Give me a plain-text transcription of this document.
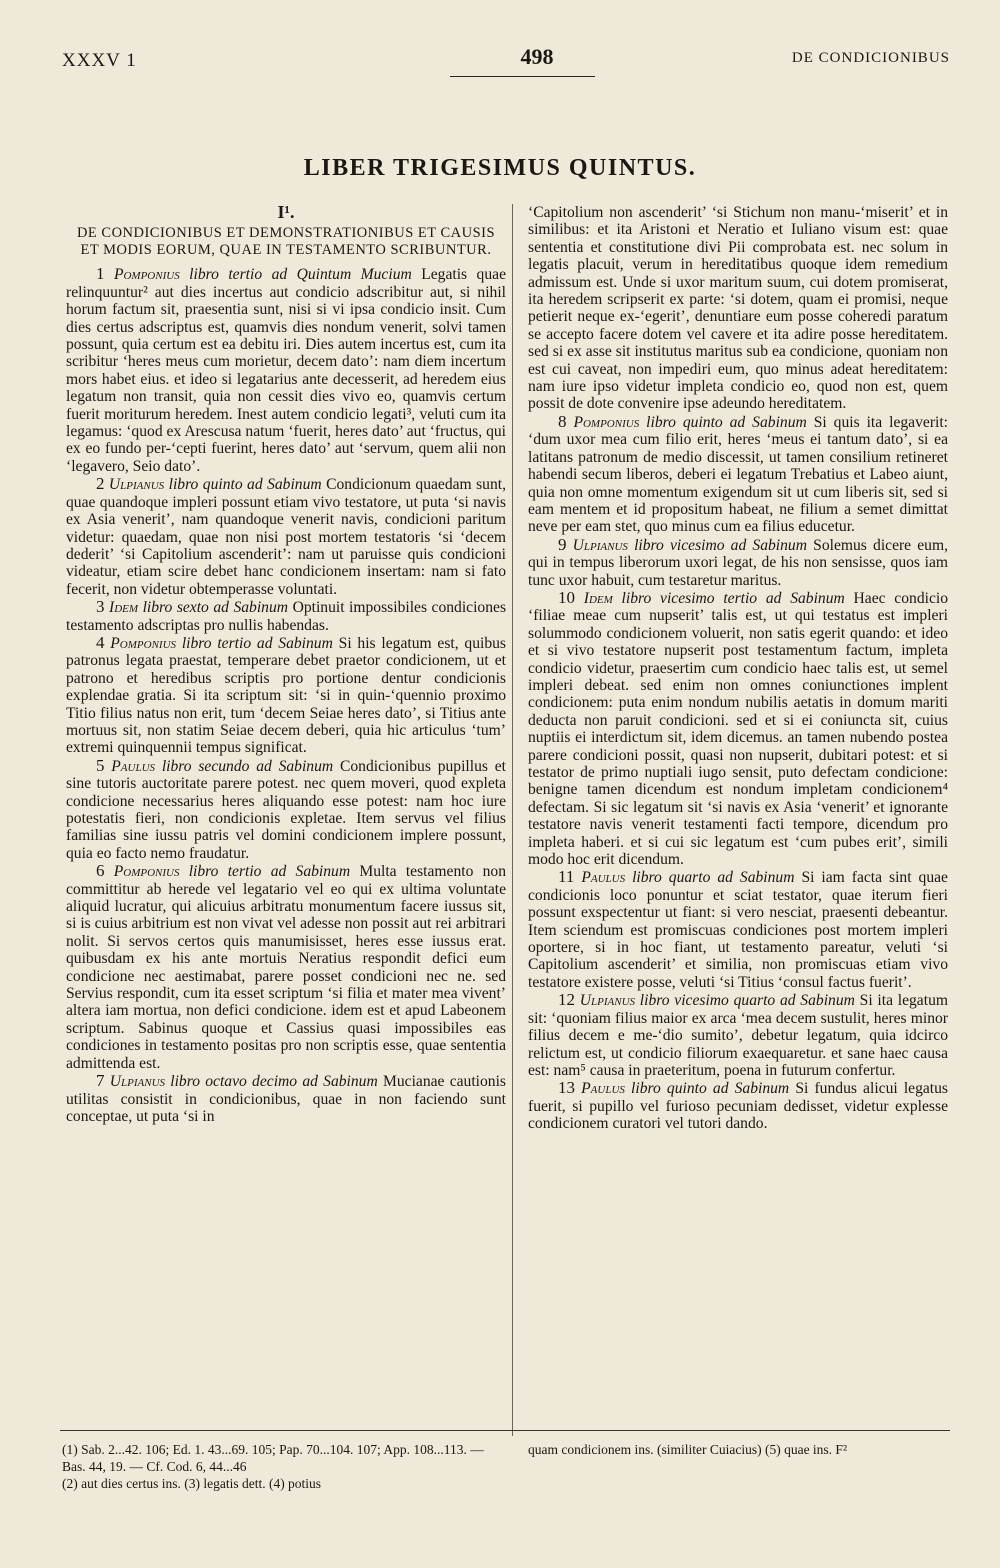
XXXV 1	498	DE CONDICIONIBUS
LIBER TRIGESIMUS QUINTUS.
I¹.
DE CONDICIONIBUS ET DEMONSTRATIONIBUS ET CAUSIS ET MODIS EORUM, QUAE IN TESTAMENTO SCRIBUNTUR.

1 Pomponius libro tertio ad Quintum Mucium Legatis quae relinquuntur² aut dies incertus aut condicio adscribitur aut, si nihil horum factum sit, praesentia sunt, nisi si vi ipsa condicio insit. Cum dies certus adscriptus est, quamvis dies nondum venerit, solvi tamen possunt, quia certum est ea debitu iri. Dies autem incertus est, cum ita scribitur ‘heres meus cum morietur, decem dato’: nam diem incertum mors habet eius. et ideo si legatarius ante decesserit, ad heredem eius legatum non transit, quia non cessit dies vivo eo, quamvis certum fuerit moriturum heredem. Inest autem condicio legati³, veluti cum ita legamus: ‘quod ex Arescusa natum ‘fuerit, heres dato’ aut ‘fructus, qui ex eo fundo per-‘cepti fuerint, heres dato’ aut ‘servum, quem alii non ‘legavero, Seio dato’.

2 Ulpianus libro quinto ad Sabinum Condicionum quaedam sunt, quae quandoque impleri possunt etiam vivo testatore, ut puta ‘si navis ex Asia venerit’, nam quandoque venerit navis, condicioni paritum videtur: quaedam, quae non nisi post mortem testatoris ‘si ‘decem dederit’ ‘si Capitolium ascenderit’: nam ut paruisse quis condicioni videatur, etiam scire debet hanc condicionem insertam: nam si fato fecerit, non videtur obtemperasse voluntati.

3 Idem libro sexto ad Sabinum Optinuit impossibiles condiciones testamento adscriptas pro nullis habendas.

4 Pomponius libro tertio ad Sabinum Si his legatum est, quibus patronus legata praestat, temperare debet praetor condicionem, ut et patrono et heredibus scriptis pro portione dentur condicionis explendae gratia. Si ita scriptum sit: ‘si in quin-‘quennio proximo Titio filius natus non erit, tum ‘decem Seiae heres dato’, si Titius ante mortuus sit, non statim Seiae decem deberi, quia hic articulus ‘tum’ extremi quinquennii tempus significat.

5 Paulus libro secundo ad Sabinum Condicionibus pupillus et sine tutoris auctoritate parere potest. nec quem moveri, quod expleta condicione necessarius heres aliquando esse potest: nam hoc iure potestatis fieri, non condicionis expletae. Item servus vel filius familias sine iussu patris vel domini condicionem implere possunt, quia eo facto nemo fraudatur.

6 Pomponius libro tertio ad Sabinum Multa testamento non committitur ab herede vel legatario vel eo qui ex ultima voluntate aliquid lucratur, qui alicuius arbitratu monumentum facere iussus sit, si is cuius arbitrium est non vivat vel adesse non possit aut rei arbitrari nolit. Si servos certos quis manumisisset, heres esse iussus erat. quibusdam ex his ante mortuis Neratius respondit defici eum condicione nec aestimabat, parere posset condicioni nec ne. sed Servius respondit, cum ita esset scriptum ‘si filia et mater mea vivent’ altera iam mortua, non defici condicione. idem est et apud Labeonem scriptum. Sabinus quoque et Cassius quasi impossibiles eas condiciones in testamento positas pro non scriptis esse, quae sententia admittenda est.

7 Ulpianus libro octavo decimo ad Sabinum Mucianae cautionis utilitas consistit in condicionibus, quae in non faciendo sunt conceptae, ut puta ‘si in

‘Capitolium non ascenderit’ ‘si Stichum non manu-‘miserit’ et in similibus: et ita Aristoni et Neratio et Iuliano visum est: quae sententia et constitutione divi Pii comprobata est. nec solum in legatis placuit, verum in hereditatibus quoque idem remedium admissum est. Unde si uxor maritum suum, cui dotem promiserat, ita heredem scripserit ex parte: ‘si dotem, quam ei promisi, neque petierit neque ex-‘egerit’, denuntiare eum posse coheredi paratum se accepto facere dotem vel cavere et ita adire posse hereditatem. sed si ex asse sit institutus maritus sub ea condicione, quoniam non est cui caveat, non impediri eum, quo minus adeat hereditatem: nam iure ipso videtur impleta condicio eo, quod non est, quem possit de dote convenire ipse adeundo hereditatem.

8 Pomponius libro quinto ad Sabinum Si quis ita legaverit: ‘dum uxor mea cum filio erit, heres ‘meus ei tantum dato’, si ea latitans patronum de medio discessit, ut tamen consilium retineret habendi secum liberos, deberi ei legatum Trebatius et Labeo aiunt, quia non omne momentum exigendum sit ut cum liberis sit, sed si eam mentem et id propositum habeat, ne filium a semet dimittat neve per eam stet, quo minus cum ea filius educetur.

9 Ulpianus libro vicesimo ad Sabinum Solemus dicere eum, qui in tempus liberorum uxori legat, de his non sensisse, quos iam tunc uxor habuit, cum testaretur maritus.

10 Idem libro vicesimo tertio ad Sabinum Haec condicio ‘filiae meae cum nupserit’ talis est, ut qui testatus est impleri solummodo condicionem voluerit, non satis egerit quando: et ideo et si vivo testatore nupserit post testamentum factum, impleta condicio videtur, praesertim cum condicio haec talis est, ut semel impleri debeat. sed enim non omnes coniunctiones implent condicionem: puta enim nondum nubilis aetatis in domum mariti deducta non paruit condicioni. sed et si ei coniuncta sit, cuius nuptiis ei interdictum sit, idem dicemus. an tamen nubendo postea parere condicioni possit, quasi non nupserit, dubitari potest: et si testator de primo nuptiali iugo sensit, puto defectam condicione: benigne tamen dicendum est nondum impletam condicionem⁴ defectam. Si sic legatum sit ‘si navis ex Asia ‘venerit’ et ignorante testatore navis venerit testamenti facti tempore, dicendum pro impleta haberi. et si cui sic legatum est ‘cum pubes erit’, simili modo hoc erit dicendum.

11 Paulus libro quarto ad Sabinum Si iam facta sint quae condicionis loco ponuntur et sciat testator, quae iterum fieri possunt exspectentur ut fiant: si vero nesciat, praesenti debeantur. Item sciendum est promiscuas condiciones post mortem impleri oportere, si in hoc fiant, ut testamento pareatur, veluti ‘si Capitolium ascenderit’ et similia, non promiscuas etiam vivo testatore existere posse, veluti ‘si Titius ‘consul factus fuerit’.

12 Ulpianus libro vicesimo quarto ad Sabinum Si ita legatum sit: ‘quoniam filius maior ex arca ‘mea decem sustulit, heres minor filius decem e me-‘dio sumito’, debetur legatum, quia idcirco relictum est, ut condicio filiorum exaequaretur. et sane haec causa est: nam⁵ causa in praeteritum, poena in futurum confertur.

13 Paulus libro quinto ad Sabinum Si fundus alicui legatus fuerit, si pupillo vel furioso pecuniam dedisset, videtur explesse condicionem curatori vel tutori dando.

(1) Sab. 2...42. 106; Ed. 1. 43...69. 105; Pap. 70...104. 107; App. 108...113. — Bas. 44, 19. — Cf. Cod. 6, 44...46
(2) aut dies certus ins. (3) legatis dett. (4) potius
quam condicionem ins. (similiter Cuiacius) (5) quae ins. F²
